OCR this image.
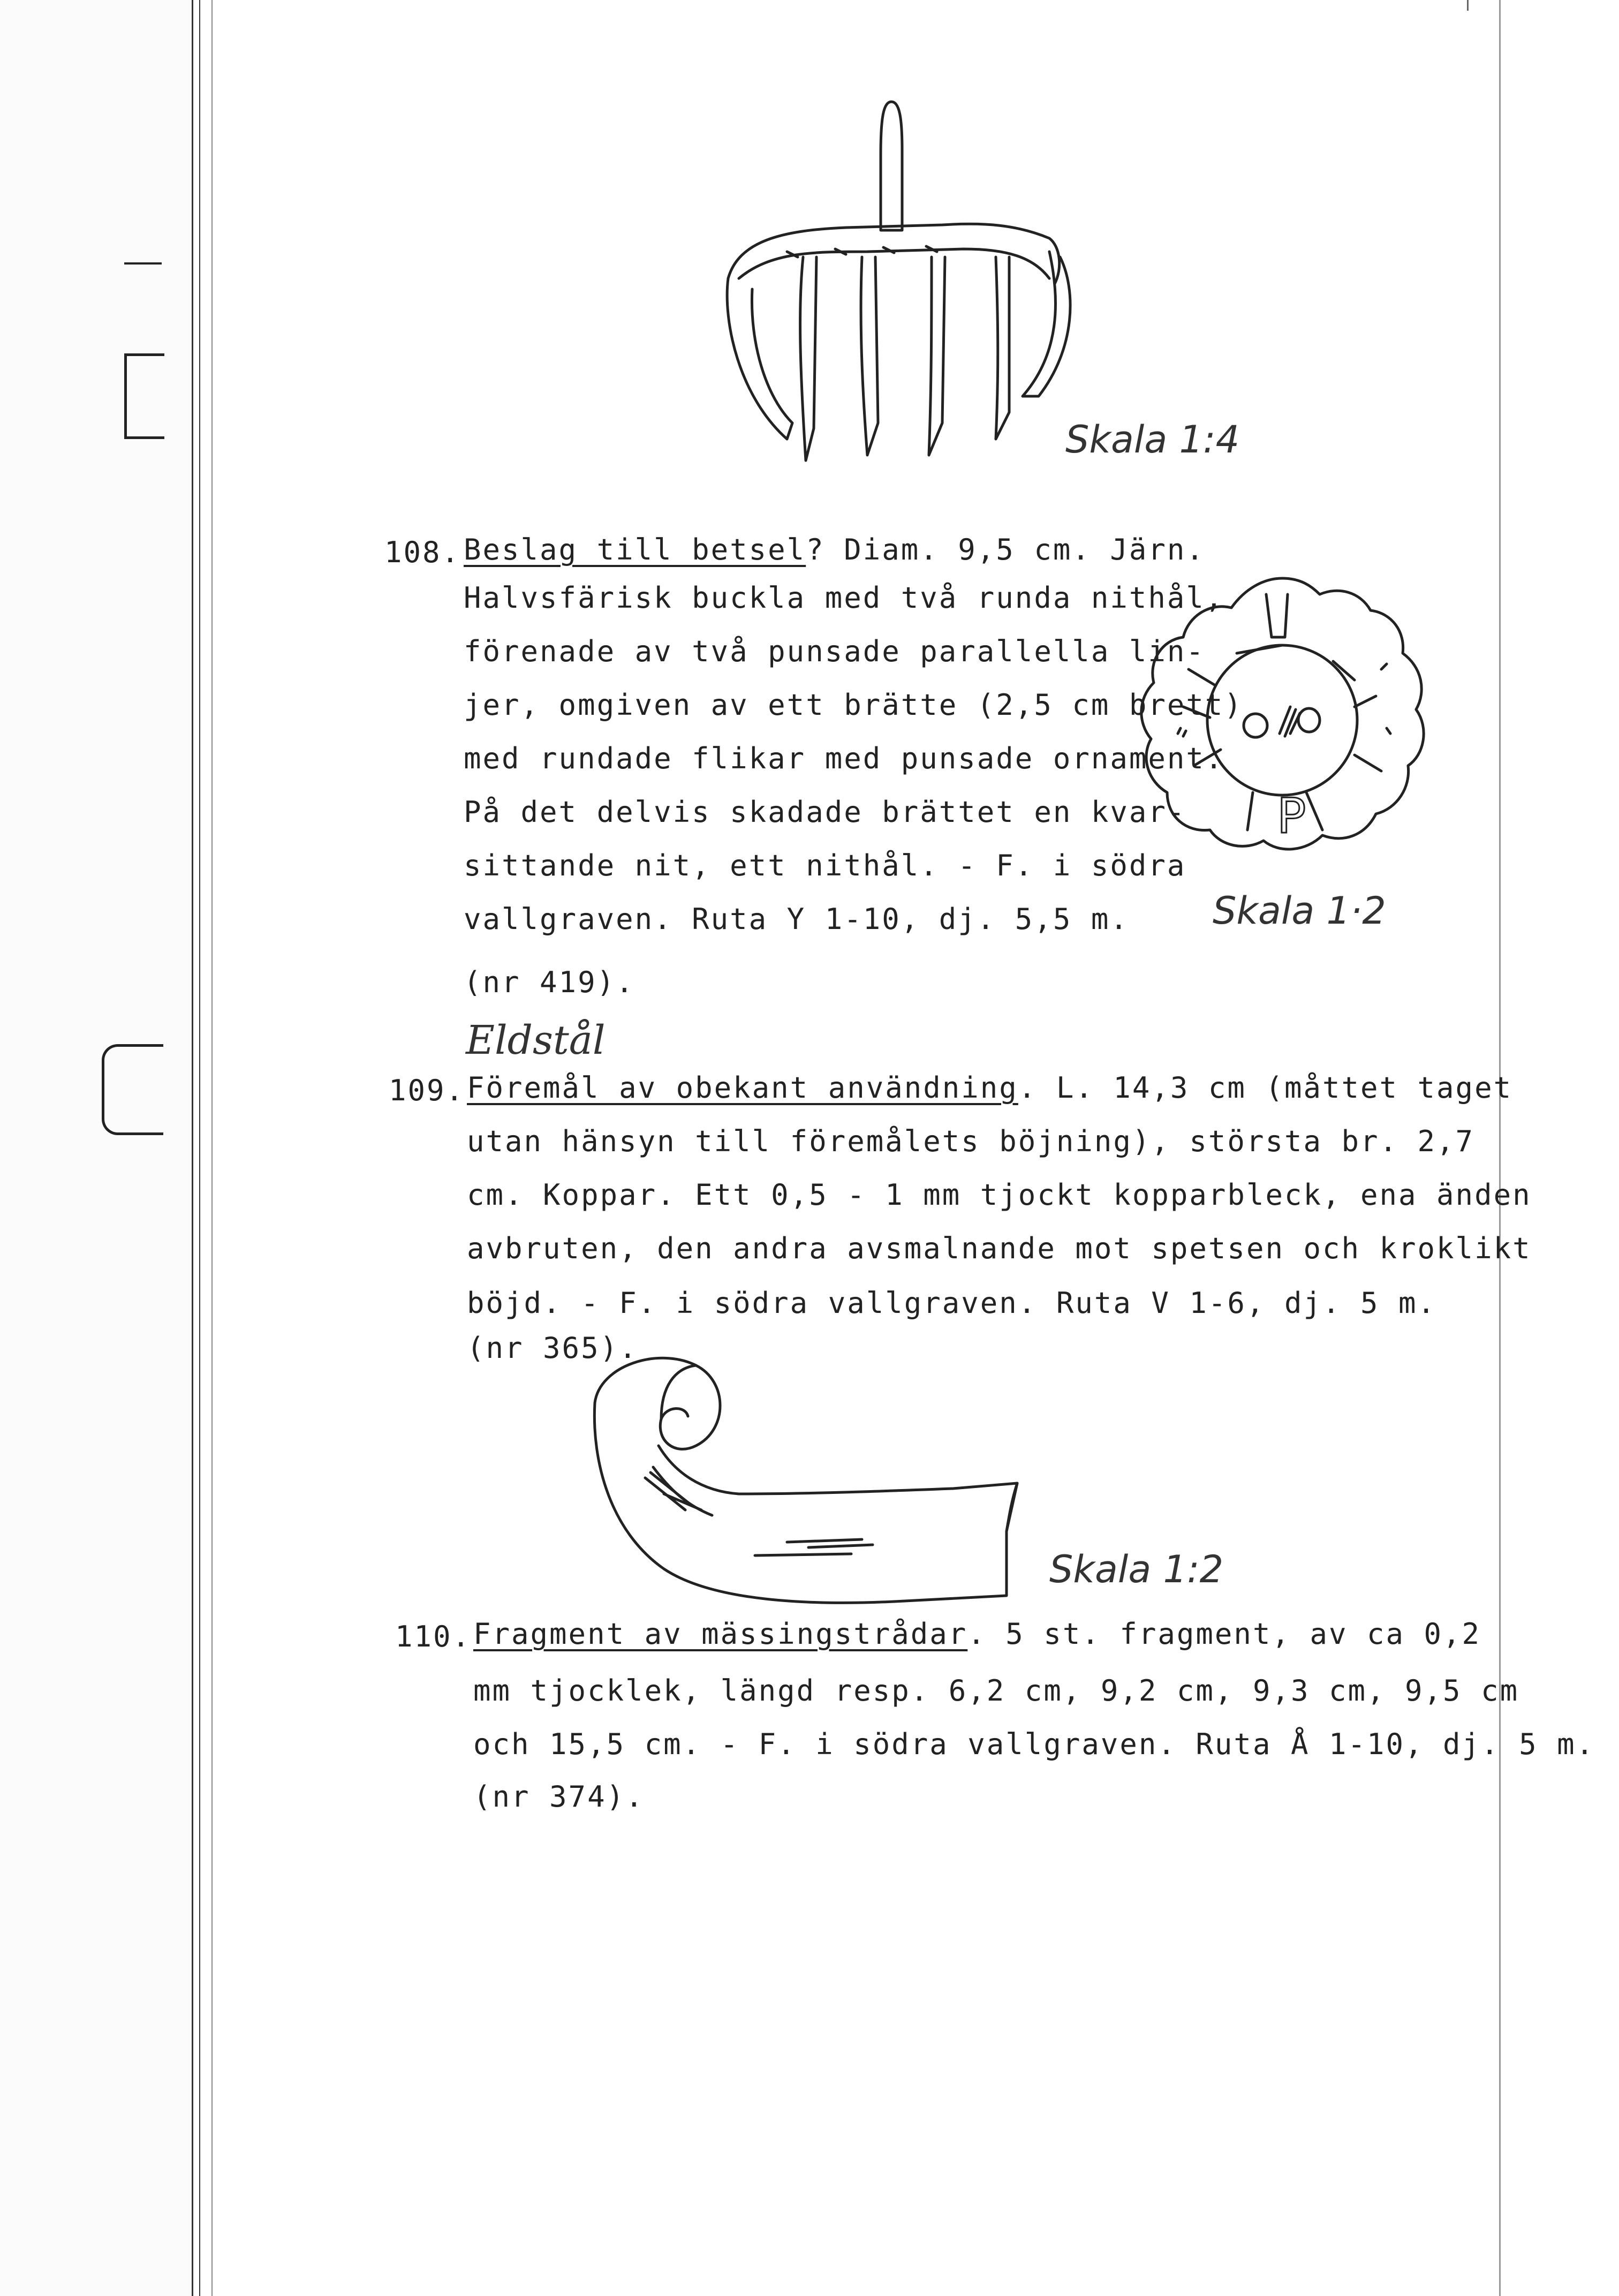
Skala 1:4
108. Beslag till betsel? Diam. 9,5 cm. Järn.
Halvsfärisk buckla med två runda nithål,
förenade av två punsade parallella lin-
jer, omgiven av ett brätte (2,5 cm brett)
med rundade flikar med punsade ornament.
På det delvis skadade brättet en kvar-
sittande nit, ett nithål. - F. i södra
vallgraven. Ruta Y 1-10, dj. 5,5 m.
(nr 419).
P
Skala 1·2
Eldstål
109. Föremål av obekant användning. L. 14,3 cm (måttet taget
utan hänsyn till föremålets böjning), största br. 2,7
cm. Koppar. Ett 0,5 - 1 mm tjockt kopparbleck, ena änden
avbruten, den andra avsmalnande mot spetsen och kroklikt
böjd. - F. i södra vallgraven. Ruta V 1-6, dj. 5 m.
(nr 365).
Skala 1:2
110. Fragment av mässingstrådar. 5 st. fragment, av ca 0,2
mm tjocklek, längd resp. 6,2 cm, 9,2 cm, 9,3 cm, 9,5 cm
och 15,5 cm. - F. i södra vallgraven. Ruta Å 1-10, dj. 5 m.
(nr 374).
